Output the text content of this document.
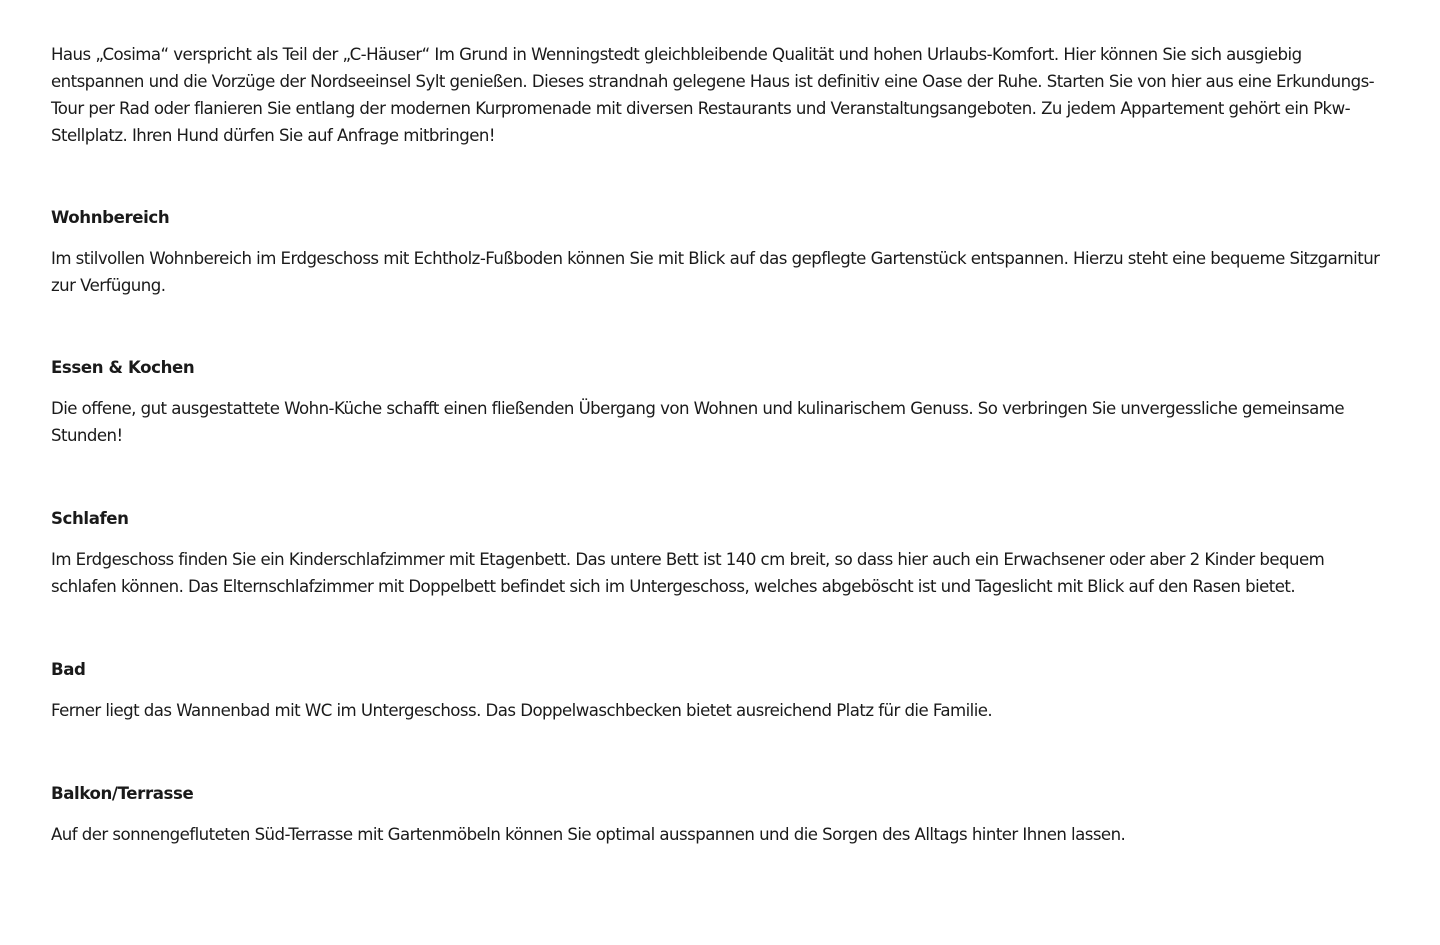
Haus „Cosima“ verspricht als Teil der „C-Häuser“ Im Grund in Wenningstedt gleichbleibende Qualität und hohen Urlaubs-Komfort. Hier können Sie sich ausgiebig entspannen und die Vorzüge der Nordseeinsel Sylt genießen. Dieses strandnah gelegene Haus ist definitiv eine Oase der Ruhe. Starten Sie von hier aus eine Erkundungs-Tour per Rad oder flanieren Sie entlang der modernen Kurpromenade mit diversen Restaurants und Veranstaltungsangeboten. Zu jedem Appartement gehört ein Pkw-Stellplatz. Ihren Hund dürfen Sie auf Anfrage mitbringen!

Wohnbereich

Im stilvollen Wohnbereich im Erdgeschoss mit Echtholz-Fußboden können Sie mit Blick auf das gepflegte Gartenstück entspannen. Hierzu steht eine bequeme Sitzgarnitur zur Verfügung.

Essen & Kochen

Die offene, gut ausgestattete Wohn-Küche schafft einen fließenden Übergang von Wohnen und kulinarischem Genuss. So verbringen Sie unvergessliche gemeinsame Stunden!

Schlafen

Im Erdgeschoss finden Sie ein Kinderschlafzimmer mit Etagenbett. Das untere Bett ist 140 cm breit, so dass hier auch ein Erwachsener oder aber 2 Kinder bequem schlafen können. Das Elternschlafzimmer mit Doppelbett befindet sich im Untergeschoss, welches abgeböscht ist und Tageslicht mit Blick auf den Rasen bietet.

Bad

Ferner liegt das Wannenbad mit WC im Untergeschoss. Das Doppelwaschbecken bietet ausreichend Platz für die Familie.

Balkon/Terrasse

Auf der sonnengefluteten Süd-Terrasse mit Gartenmöbeln können Sie optimal ausspannen und die Sorgen des Alltags hinter Ihnen lassen.
